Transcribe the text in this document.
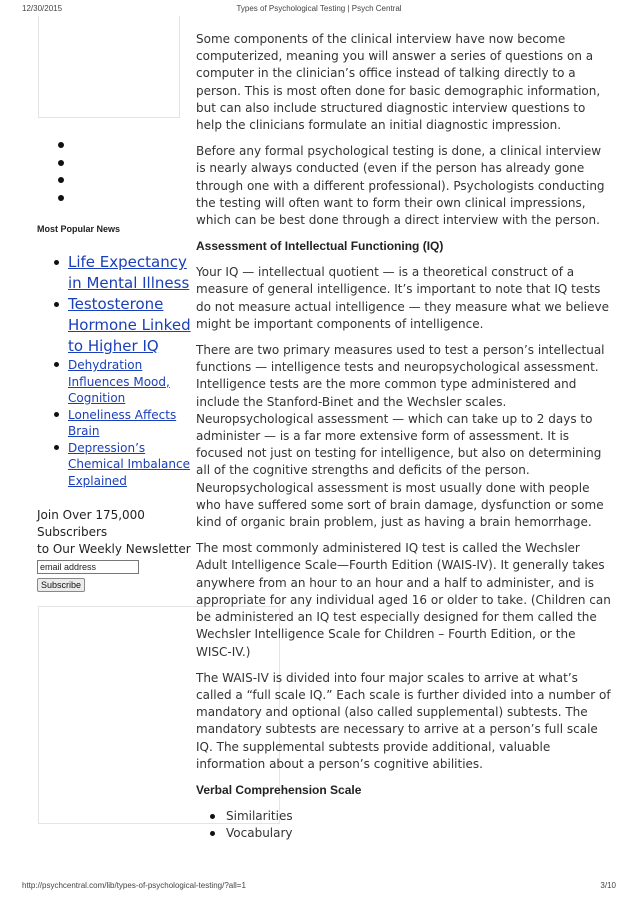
12/30/2015	Types of Psychological Testing | Psych Central
Most Popular News
Life Expectancy in Mental Illness
Testosterone Hormone Linked to Higher IQ
Dehydration Influences Mood, Cognition
Loneliness Affects Brain
Depression’s Chemical Imbalance Explained
Join Over 175,000
Subscribers
to Our Weekly Newsletter
email address
Subscribe

Some components of the clinical interview have now become computerized, meaning you will answer a series of questions on a computer in the clinician’s office instead of talking directly to a person. This is most often done for basic demographic information, but can also include structured diagnostic interview questions to help the clinicians formulate an initial diagnostic impression.

Before any formal psychological testing is done, a clinical interview is nearly always conducted (even if the person has already gone through one with a different professional). Psychologists conducting the testing will often want to form their own clinical impressions, which can be best done through a direct interview with the person.

Assessment of Intellectual Functioning (IQ)

Your IQ — intellectual quotient — is a theoretical construct of a measure of general intelligence. It’s important to note that IQ tests do not measure actual intelligence — they measure what we believe might be important components of intelligence.

There are two primary measures used to test a person’s intellectual functions — intelligence tests and neuropsychological assessment. Intelligence tests are the more common type administered and include the Stanford-Binet and the Wechsler scales. Neuropsychological assessment — which can take up to 2 days to administer — is a far more extensive form of assessment. It is focused not just on testing for intelligence, but also on determining all of the cognitive strengths and deficits of the person. Neuropsychological assessment is most usually done with people who have suffered some sort of brain damage, dysfunction or some kind of organic brain problem, just as having a brain hemorrhage.

The most commonly administered IQ test is called the Wechsler Adult Intelligence Scale—Fourth Edition (WAIS-IV). It generally takes anywhere from an hour to an hour and a half to administer, and is appropriate for any individual aged 16 or older to take. (Children can be administered an IQ test especially designed for them called the Wechsler Intelligence Scale for Children – Fourth Edition, or the WISC-IV.)

The WAIS-IV is divided into four major scales to arrive at what’s called a “full scale IQ.” Each scale is further divided into a number of mandatory and optional (also called supplemental) subtests. The mandatory subtests are necessary to arrive at a person’s full scale IQ. The supplemental subtests provide additional, valuable information about a person’s cognitive abilities.

Verbal Comprehension Scale
Similarities
Vocabulary
http://psychcentral.com/lib/types-of-psychological-testing/?all=1	3/10
